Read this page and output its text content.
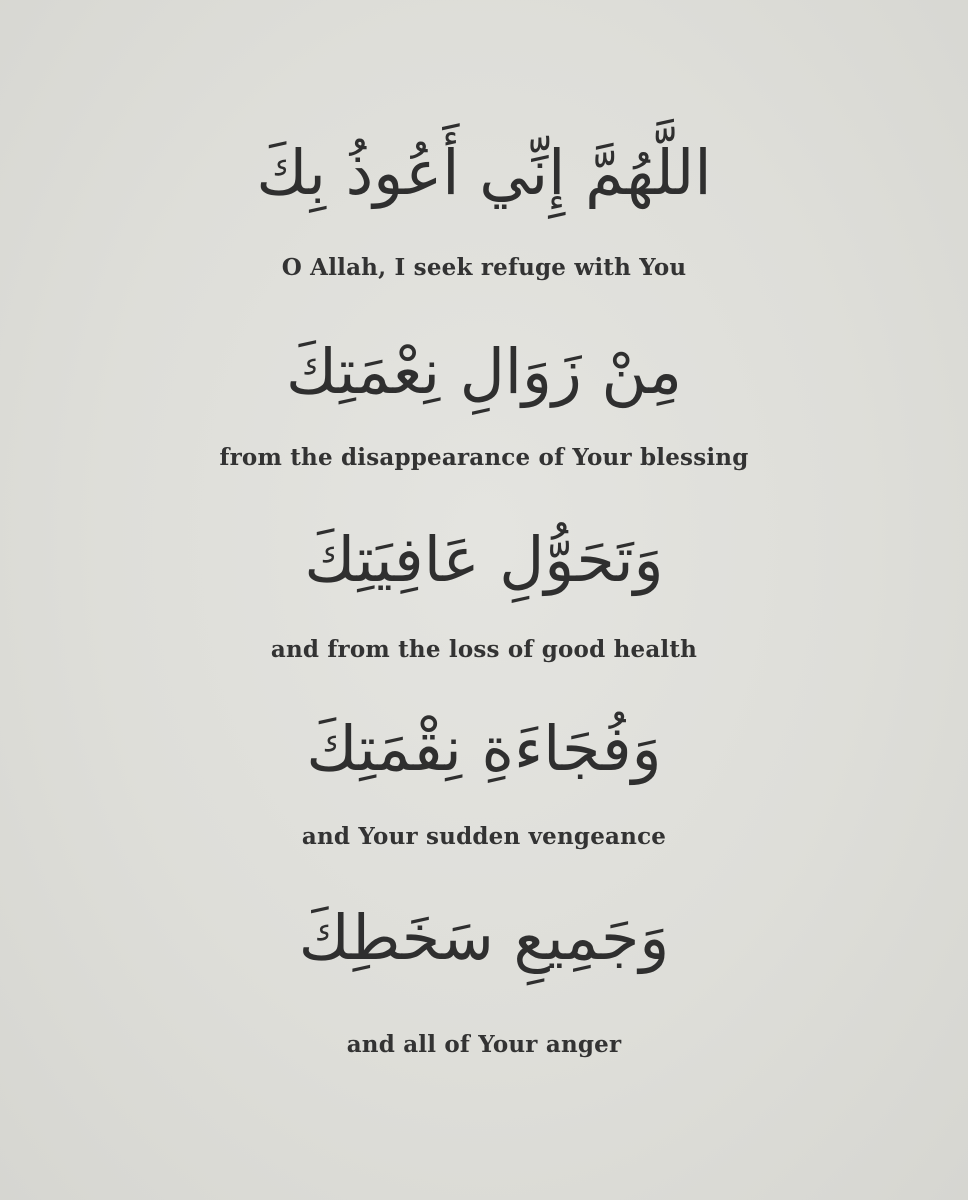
اللَّهُمَّ إِنِّي أَعُوذُ بِكَ
O Allah, I seek refuge with You
مِنْ زَوَالِ نِعْمَتِكَ
from the disappearance of Your blessing
وَتَحَوُّلِ عَافِيَتِكَ
and from the loss of good health
وَفُجَاءَةِ نِقْمَتِكَ
and Your sudden vengeance
وَجَمِيعِ سَخَطِكَ
and all of Your anger
